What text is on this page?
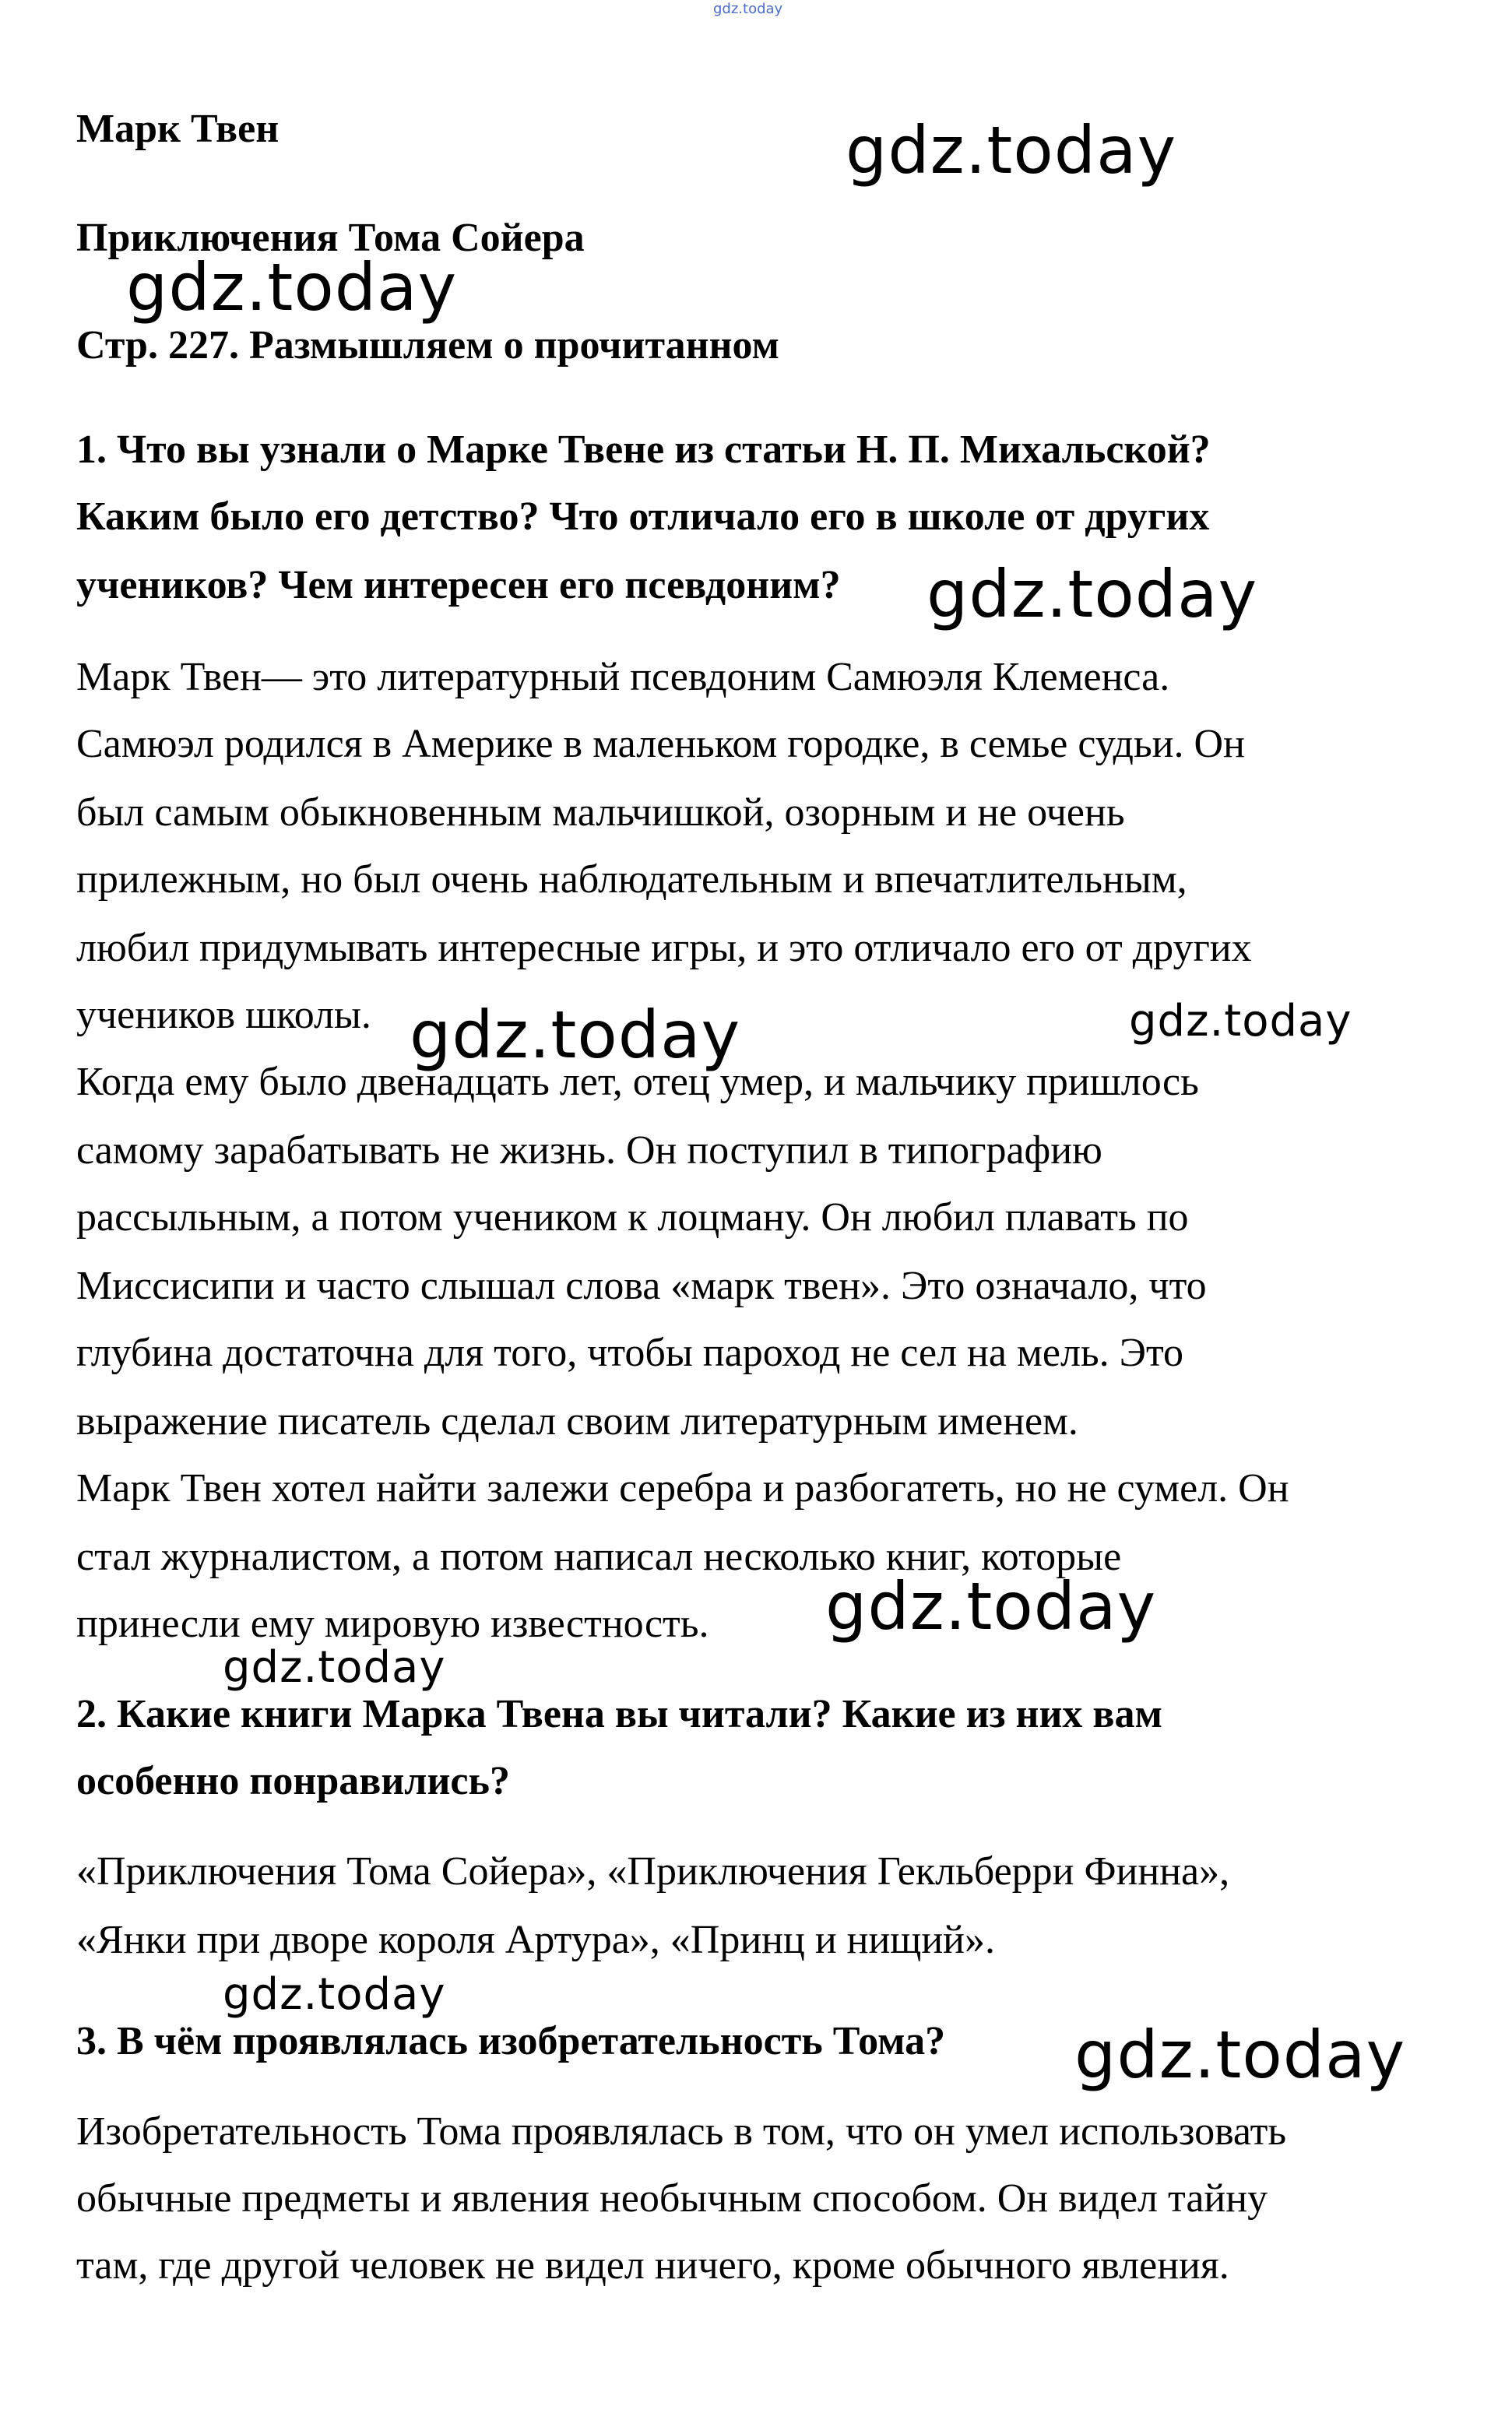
gdz.today
Марк Твен
Приключения Тома Сойера
Стр. 227. Размышляем о прочитанном
1. Что вы узнали о Марке Твене из статьи Н. П. Михальской?
Каким было его детство? Что отличало его в школе от других
учеников? Чем интересен его псевдоним?
Марк Твен— это литературный псевдоним Самюэля Клеменса.
Самюэл родился в Америке в маленьком городке, в семье судьи. Он
был самым обыкновенным мальчишкой, озорным и не очень
прилежным, но был очень наблюдательным и впечатлительным,
любил придумывать интересные игры, и это отличало его от других
учеников школы.
Когда ему было двенадцать лет, отец умер, и мальчику пришлось
самому зарабатывать не жизнь. Он поступил в типографию
рассыльным, а потом учеником к лоцману. Он любил плавать по
Миссисипи и часто слышал слова «марк твен». Это означало, что
глубина достаточна для того, чтобы пароход не сел на мель. Это
выражение писатель сделал своим литературным именем.
Марк Твен хотел найти залежи серебра и разбогатеть, но не сумел. Он
стал журналистом, а потом написал несколько книг, которые
принесли ему мировую известность.
2. Какие книги Марка Твена вы читали? Какие из них вам
особенно понравились?
«Приключения Тома Сойера», «Приключения Гекльберри Финна»,
«Янки при дворе короля Артура», «Принц и нищий».
3. В чём проявлялась изобретательность Тома?
Изобретательность Тома проявлялась в том, что он умел использовать
обычные предметы и явления необычным способом. Он видел тайну
там, где другой человек не видел ничего, кроме обычного явления.
gdz.today
gdz.today
gdz.today
gdz.today	gdz.today
gdz.today
gdz.today
gdz.today
gdz.today
